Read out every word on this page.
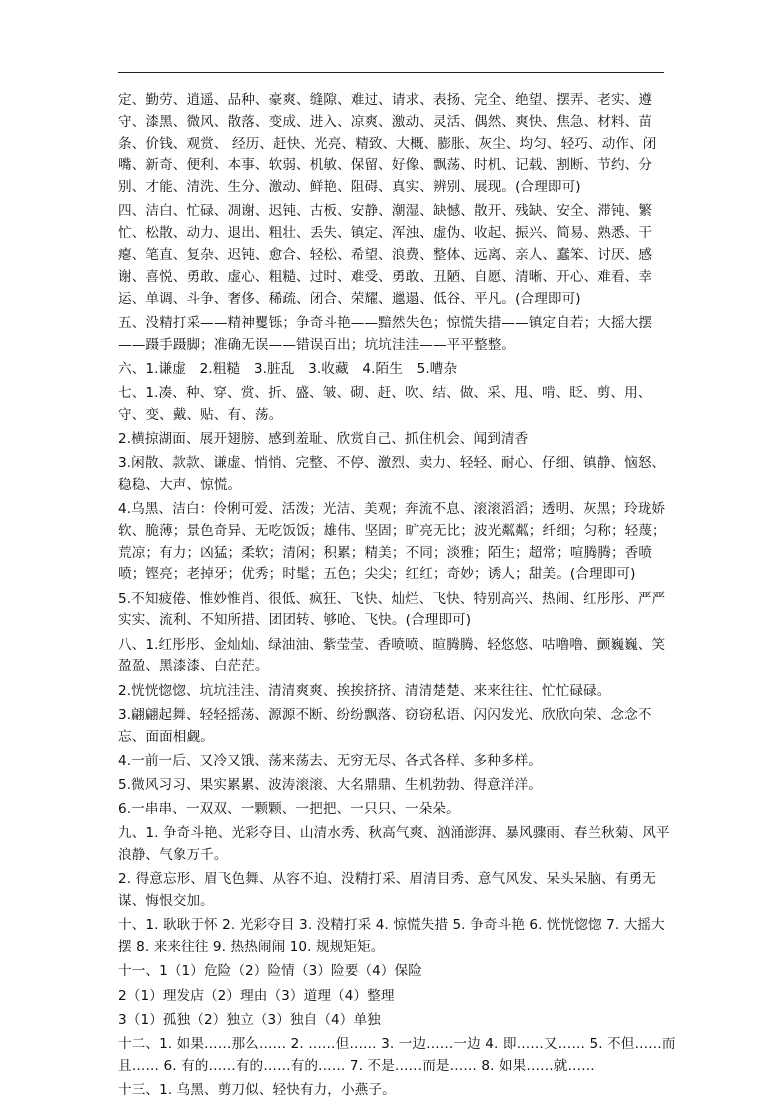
定、勤劳、逍遥、品种、豪爽、缝隙、难过、请求、表扬、完全、绝望、摆弄、老实、遵守、漆黑、微风、散落、变成、进入、凉爽、激动、灵活、偶然、爽快、焦急、材料、苗条、价钱、观赏、 经历、赶快、光亮、精致、大概、膨胀、灰尘、均匀、轻巧、动作、闭嘴、新奇、便利、本事、软弱、机敏、保留、好像、飘荡、时机、记载、割断、节约、分别、才能、清洗、生分、激动、鲜艳、阻碍、真实、辨别、展现。(合理即可)

四、洁白、忙碌、凋谢、迟钝、古板、安静、潮湿、缺憾、散开、残缺、安全、滞钝、繁忙、松散、动力、退出、粗壮、丢失、镇定、浑浊、虚伪、收起、振兴、简易、熟悉、干瘪、笔直、复杂、迟钝、愈合、轻松、希望、浪费、整体、远离、亲人、蠢笨、讨厌、感谢、喜悦、勇敢、虚心、粗糙、过时、难受、勇敢、丑陋、自愿、清晰、开心、难看、幸运、单调、斗争、奢侈、稀疏、闭合、荣耀、邋遢、低谷、平凡。(合理即可)

五、没精打采——精神矍铄；争奇斗艳——黯然失色；惊慌失措——镇定自若；大摇大摆——蹑手蹑脚；准确无误——错误百出；坑坑洼洼——平平整整。

六、1.谦虚　2.粗糙　3.脏乱　3.收藏　4.陌生　5.嘈杂

七、1.凑、种、穿、赏、折、盛、皱、砌、赶、吹、结、做、采、甩、啃、眨、剪、用、守、变、戴、贴、有、荡。

2.横掠湖面、展开翅膀、感到羞耻、欣赏自己、抓住机会、闻到清香

3.闲散、款款、谦虚、悄悄、完整、不停、激烈、卖力、轻轻、耐心、仔细、镇静、恼怒、稳稳、大声、惊慌。

4.乌黑、洁白：伶俐可爱、活泼；光洁、美观；奔流不息、滚滚滔滔；透明、灰黑；玲珑娇软、脆薄；景色奇异、无吃饭饭；雄伟、坚固；旷亮无比；波光粼粼；纤细；匀称；轻蔑；荒凉；有力；凶猛；柔软；清闲；积累；精美；不同；淡雅；陌生；超常；喧腾腾；香喷喷；铿亮；老掉牙；优秀；时髦；五色；尖尖；红红；奇妙；诱人；甜美。(合理即可)

5.不知疲倦、惟妙惟肖、很低、疯狂、飞快、灿烂、飞快、特别高兴、热闹、红彤彤、严严实实、流利、不知所措、团团转、够呛、飞快。(合理即可)

八、1.红彤彤、金灿灿、绿油油、紫莹莹、香喷喷、暄腾腾、轻悠悠、咕噜噜、颤巍巍、笑盈盈、黑漆漆、白茫茫。

2.恍恍惚惚、坑坑洼洼、清清爽爽、挨挨挤挤、清清楚楚、来来往往、忙忙碌碌。

3.翩翩起舞、轻轻摇荡、源源不断、纷纷飘落、窃窃私语、闪闪发光、欣欣向荣、念念不忘、面面相觑。

4.一前一后、又冷又饿、荡来荡去、无穷无尽、各式各样、多种多样。

5.微风习习、果实累累、波涛滚滚、大名鼎鼎、生机勃勃、得意洋洋。

6.一串串、一双双、一颗颗、一把把、一只只、一朵朵。

九、1. 争奇斗艳、光彩夺目、山清水秀、秋高气爽、汹涌澎湃、暴风骤雨、春兰秋菊、风平浪静、气象万千。

2. 得意忘形、眉飞色舞、从容不迫、没精打采、眉清目秀、意气风发、呆头呆脑、有勇无谋、悔恨交加。

十、1. 耿耿于怀 2. 光彩夺目 3. 没精打采 4. 惊慌失措 5. 争奇斗艳 6. 恍恍惚惚 7. 大摇大摆 8. 来来往往 9. 热热闹闹 10. 规规矩矩。

十一、1（1）危险（2）险情（3）险要（4）保险

2（1）理发店（2）理由（3）道理（4）整理

3（1）孤独（2）独立（3）独自（4）单独

十二、1. 如果……那么…… 2. ……但…… 3. 一边……一边 4. 即……又…… 5. 不但……而且…… 6. 有的……有的……有的…… 7. 不是……而是…… 8. 如果……就……

十三、1. 乌黑、剪刀似、轻快有力，小燕子。
